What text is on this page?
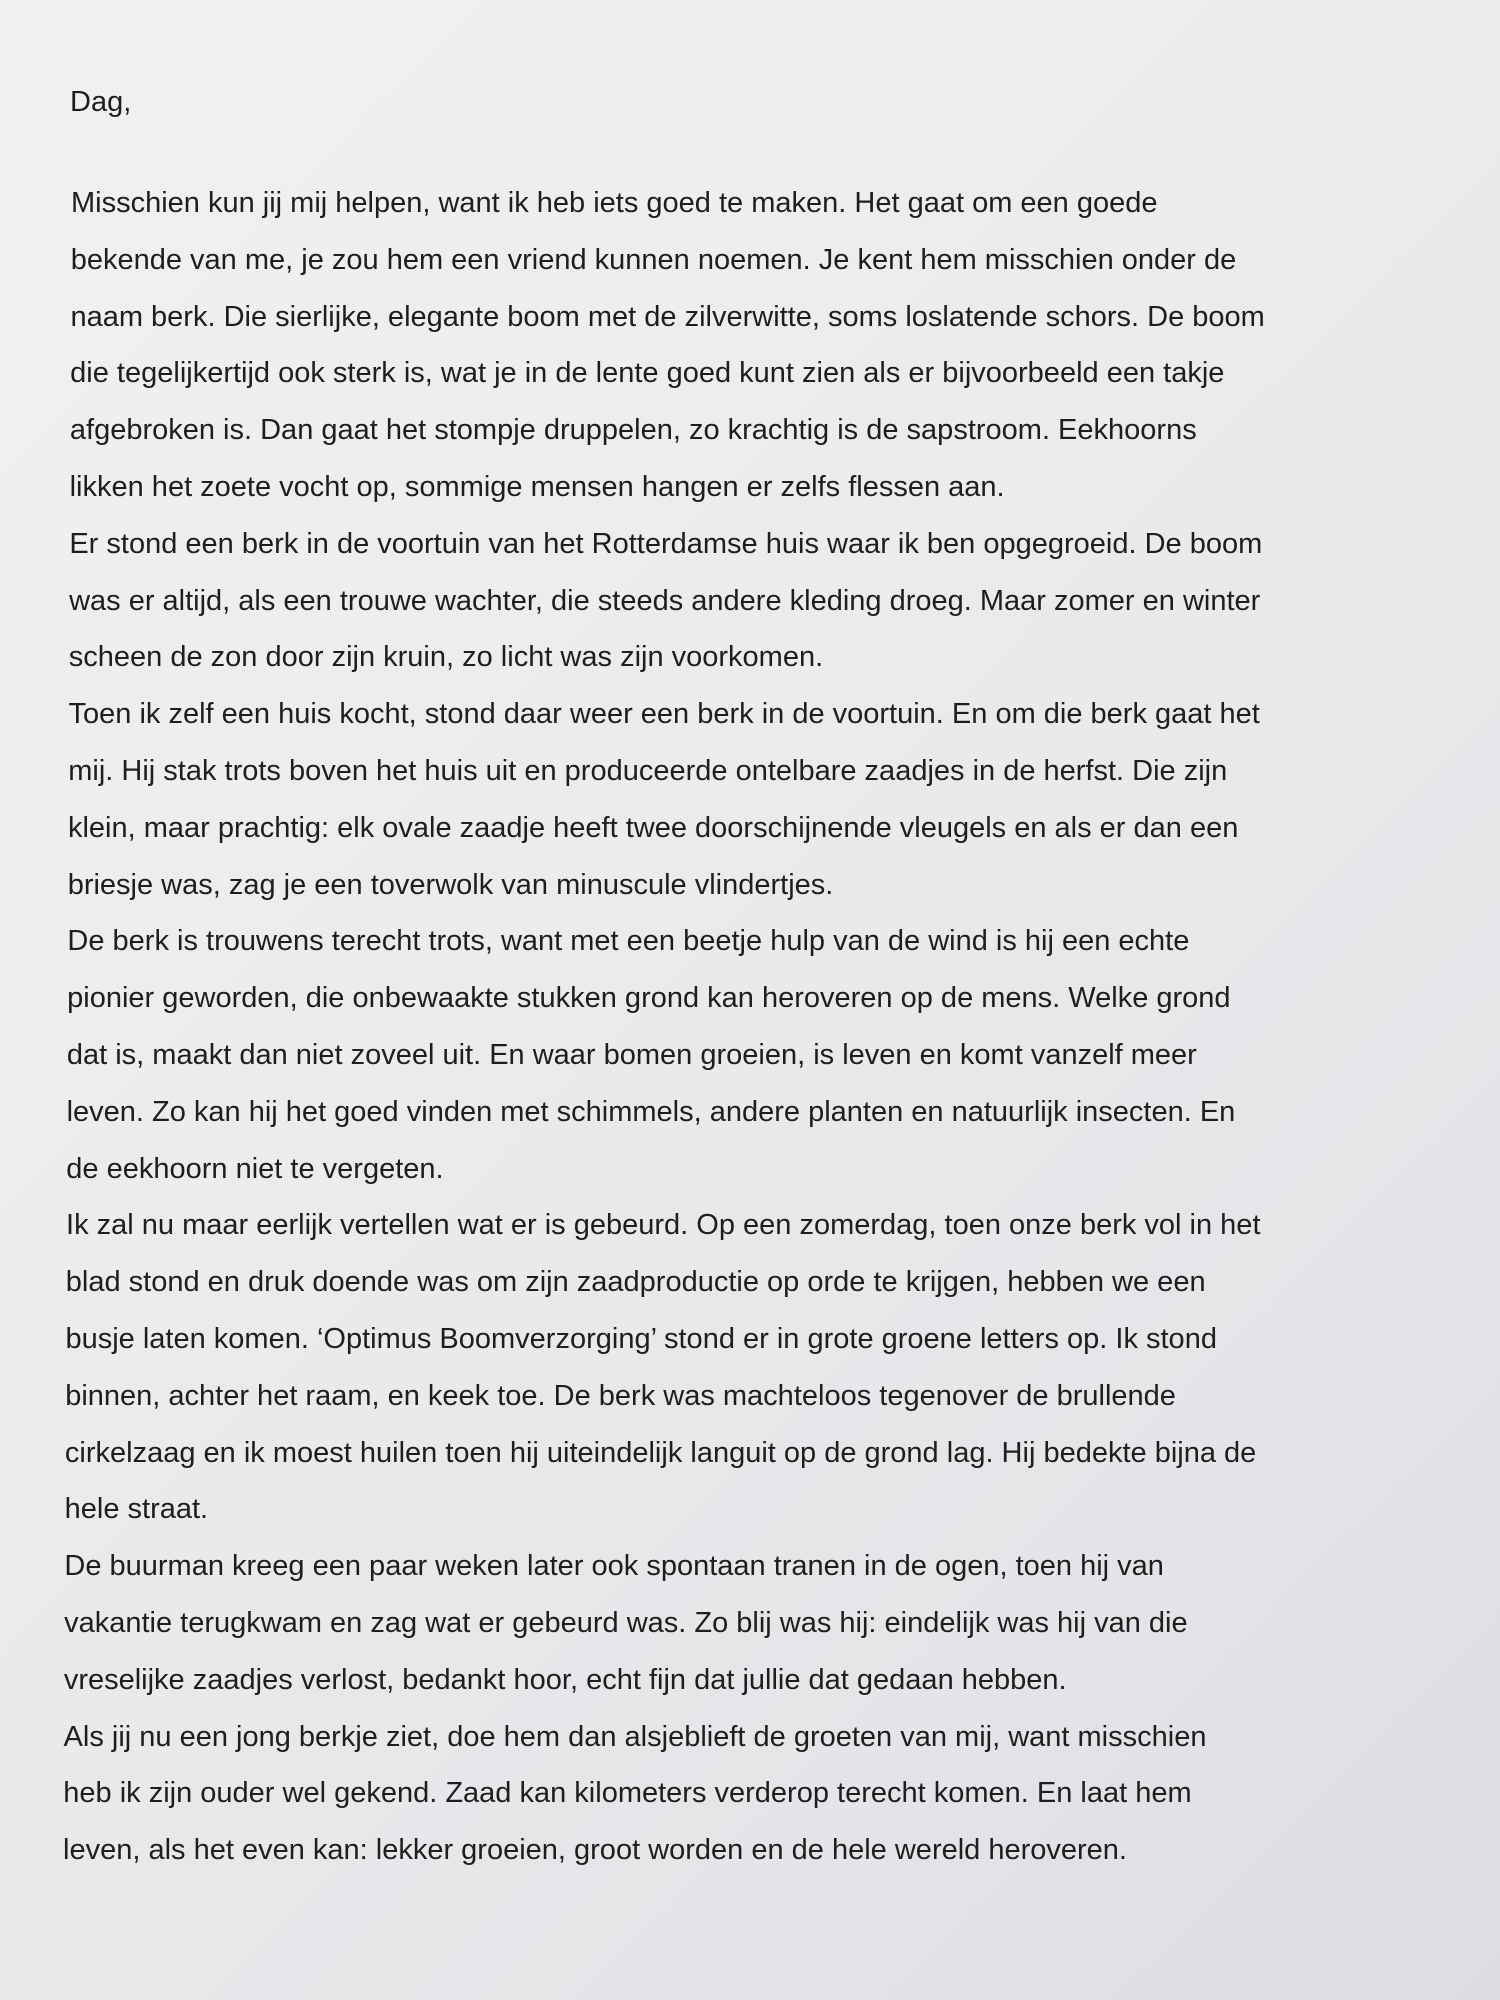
Dag,

Misschien kun jij mij helpen, want ik heb iets goed te maken. Het gaat om een goede

bekende van me, je zou hem een vriend kunnen noemen. Je kent hem misschien onder de

naam berk. Die sierlijke, elegante boom met de zilverwitte, soms loslatende schors. De boom

die tegelijkertijd ook sterk is, wat je in de lente goed kunt zien als er bijvoorbeeld een takje

afgebroken is. Dan gaat het stompje druppelen, zo krachtig is de sapstroom. Eekhoorns

likken het zoete vocht op, sommige mensen hangen er zelfs flessen aan.

Er stond een berk in de voortuin van het Rotterdamse huis waar ik ben opgegroeid. De boom

was er altijd, als een trouwe wachter, die steeds andere kleding droeg. Maar zomer en winter

scheen de zon door zijn kruin, zo licht was zijn voorkomen.

Toen ik zelf een huis kocht, stond daar weer een berk in de voortuin. En om die berk gaat het

mij. Hij stak trots boven het huis uit en produceerde ontelbare zaadjes in de herfst. Die zijn

klein, maar prachtig: elk ovale zaadje heeft twee doorschijnende vleugels en als er dan een

briesje was, zag je een toverwolk van minuscule vlindertjes.

De berk is trouwens terecht trots, want met een beetje hulp van de wind is hij een echte

pionier geworden, die onbewaakte stukken grond kan heroveren op de mens. Welke grond

dat is, maakt dan niet zoveel uit. En waar bomen groeien, is leven en komt vanzelf meer

leven. Zo kan hij het goed vinden met schimmels, andere planten en natuurlijk insecten. En

de eekhoorn niet te vergeten.

Ik zal nu maar eerlijk vertellen wat er is gebeurd. Op een zomerdag, toen onze berk vol in het

blad stond en druk doende was om zijn zaadproductie op orde te krijgen, hebben we een

busje laten komen. ‘Optimus Boomverzorging’ stond er in grote groene letters op. Ik stond

binnen, achter het raam, en keek toe. De berk was machteloos tegenover de brullende

cirkelzaag en ik moest huilen toen hij uiteindelijk languit op de grond lag. Hij bedekte bijna de

hele straat.

De buurman kreeg een paar weken later ook spontaan tranen in de ogen, toen hij van

vakantie terugkwam en zag wat er gebeurd was. Zo blij was hij: eindelijk was hij van die

vreselijke zaadjes verlost, bedankt hoor, echt fijn dat jullie dat gedaan hebben.

Als jij nu een jong berkje ziet, doe hem dan alsjeblieft de groeten van mij, want misschien

heb ik zijn ouder wel gekend. Zaad kan kilometers verderop terecht komen. En laat hem

leven, als het even kan: lekker groeien, groot worden en de hele wereld heroveren.
